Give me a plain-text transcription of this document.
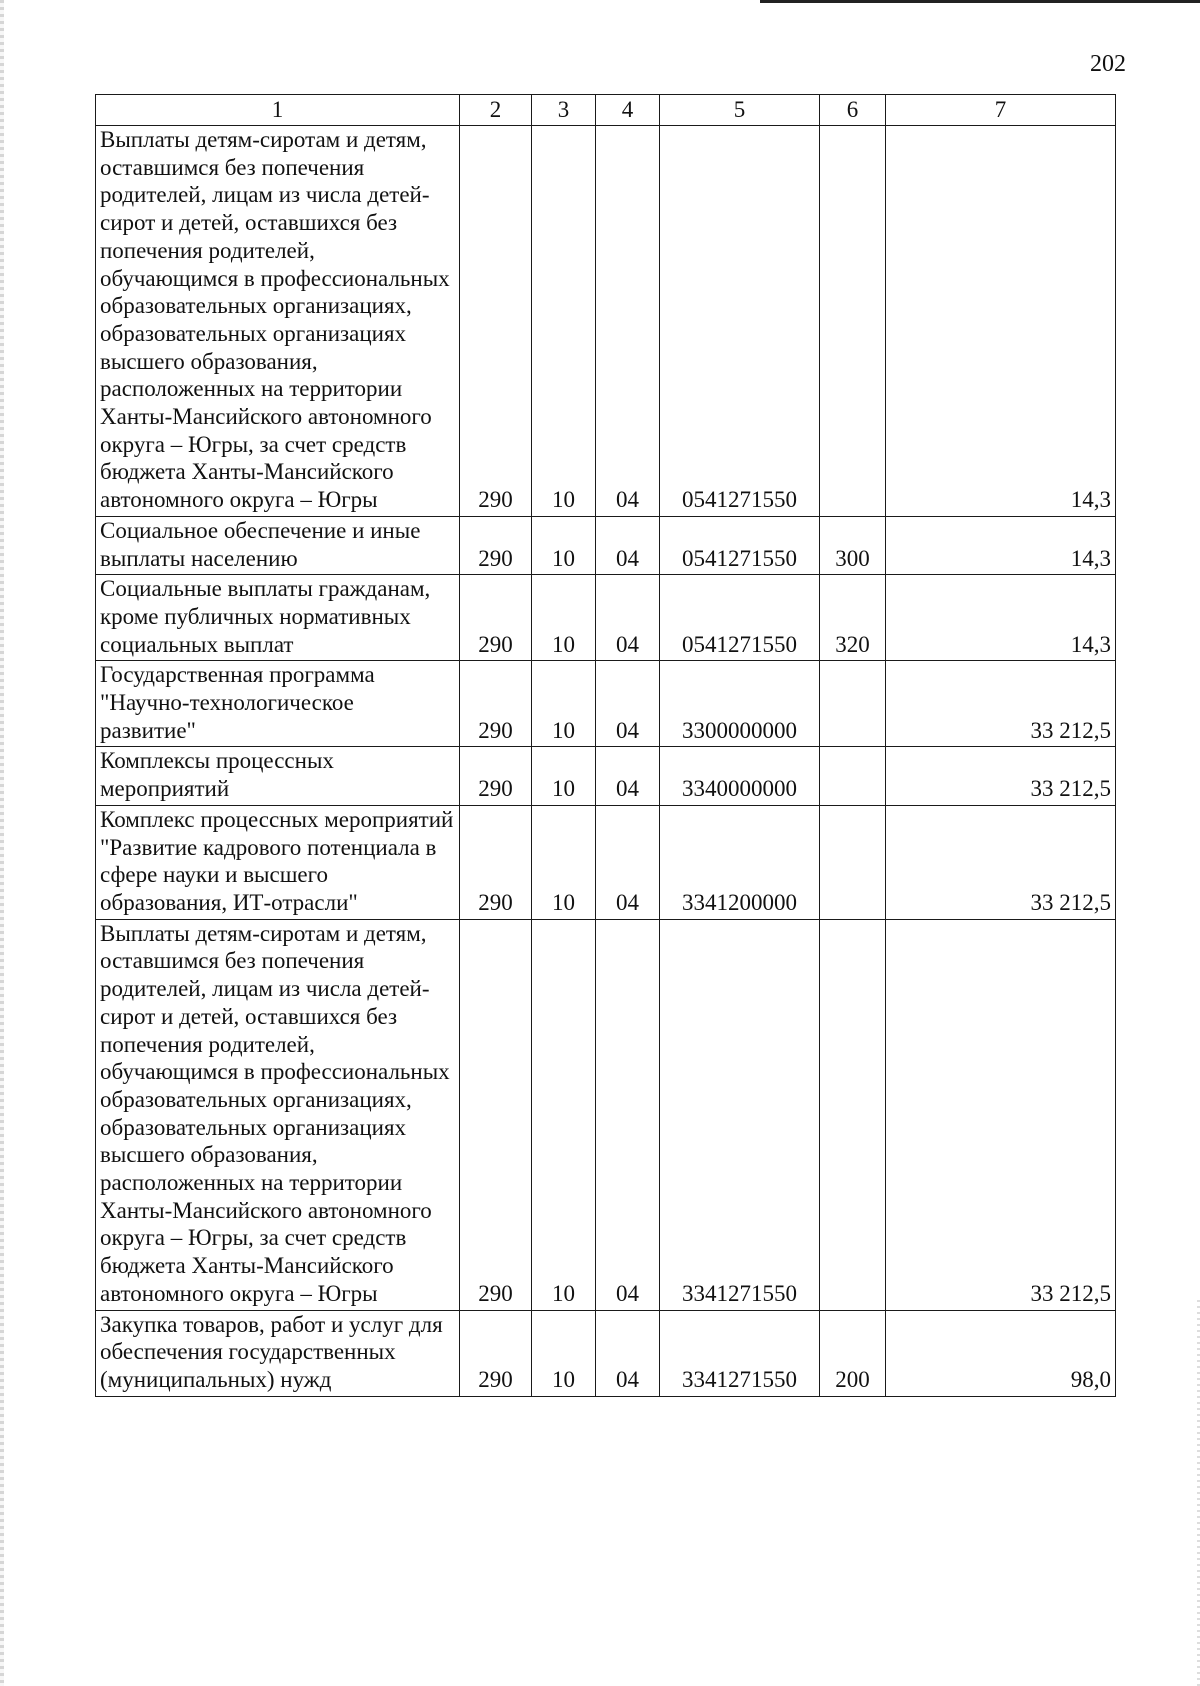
202
1	2	3	4	5	6	7
Выплаты детям-сиротам и детям, оставшимся без попечения родителей, лицам из числа детей-сирот и детей, оставшихся без попечения родителей, обучающимся в профессиональных образовательных организациях, образовательных организациях высшего образования, расположенных на территории Ханты-Мансийского автономного округа – Югры, за счет средств бюджета Ханты-Мансийского автономного округа – Югры	290	10	04	0541271550		14,3
Социальное обеспечение и иные выплаты населению	290	10	04	0541271550	300	14,3
Социальные выплаты гражданам, кроме публичных нормативных социальных выплат	290	10	04	0541271550	320	14,3
Государственная программа "Научно-технологическое развитие"	290	10	04	3300000000		33 212,5
Комплексы процессных мероприятий	290	10	04	3340000000		33 212,5
Комплекс процессных мероприятий "Развитие кадрового потенциала в сфере науки и высшего образования, ИТ-отрасли"	290	10	04	3341200000		33 212,5
Выплаты детям-сиротам и детям, оставшимся без попечения родителей, лицам из числа детей-сирот и детей, оставшихся без попечения родителей, обучающимся в профессиональных образовательных организациях, образовательных организациях высшего образования, расположенных на территории Ханты-Мансийского автономного округа – Югры, за счет средств бюджета Ханты-Мансийского автономного округа – Югры	290	10	04	3341271550		33 212,5
Закупка товаров, работ и услуг для обеспечения государственных (муниципальных) нужд	290	10	04	3341271550	200	98,0
